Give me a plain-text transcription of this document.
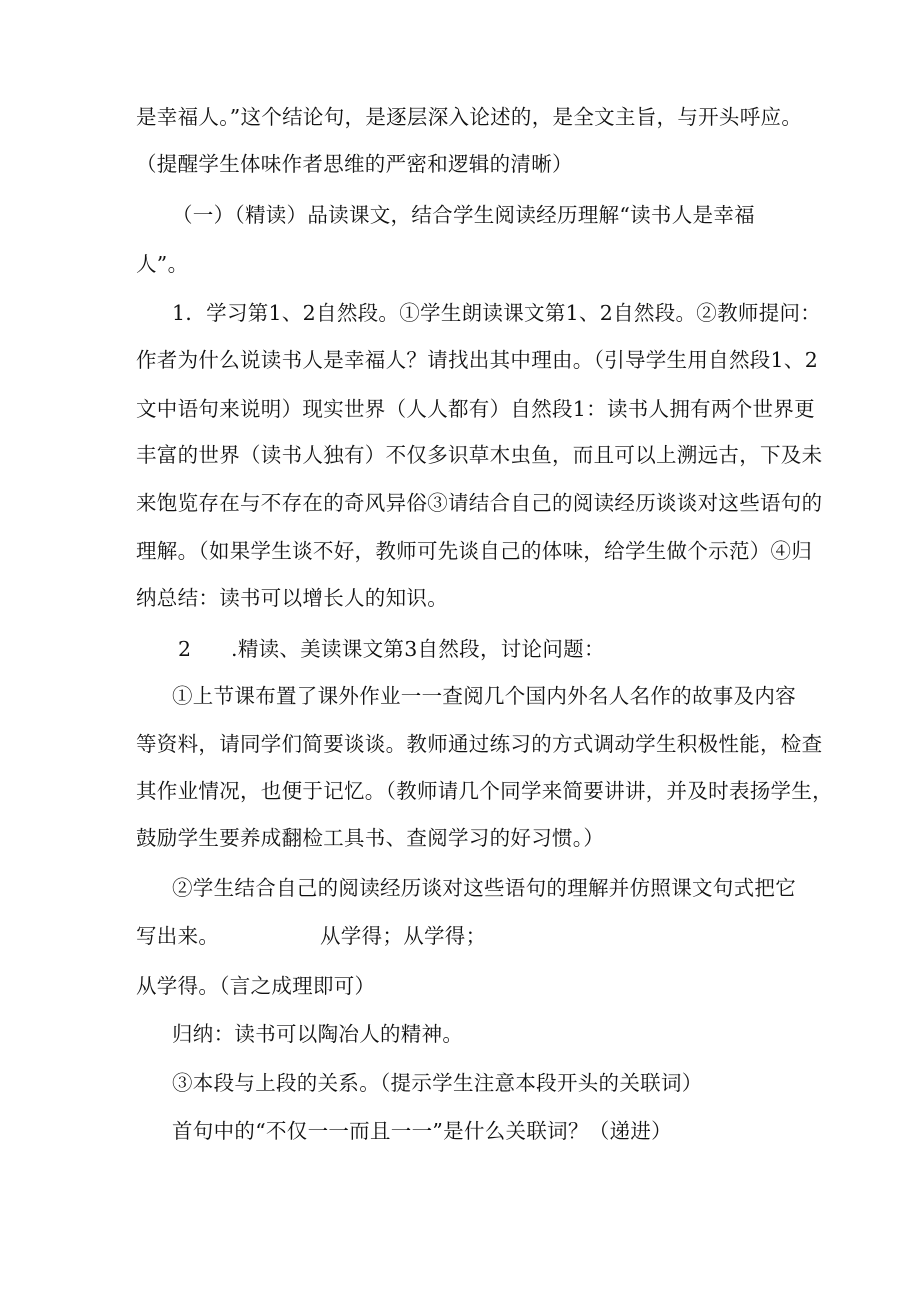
是幸福人。”这个结论句，是逐层深入论述的，是全文主旨，与开头呼应。
（提醒学生体味作者思维的严密和逻辑的清晰）
（一）（精读）品读课文，结合学生阅读经历理解“读书人是幸福
人”。
1．学习第1、2自然段。①学生朗读课文第1、2自然段。②教师提问：
作者为什么说读书人是幸福人？请找出其中理由。（引导学生用自然段1、2
文中语句来说明）现实世界（人人都有）自然段1：读书人拥有两个世界更
丰富的世界（读书人独有）不仅多识草木虫鱼，而且可以上溯远古，下及未
来饱览存在与不存在的奇风异俗③请结合自己的阅读经历谈谈对这些语句的
理解。（如果学生谈不好，教师可先谈自己的体味，给学生做个示范）④归
纳总结：读书可以增长人的知识。
2 .精读、美读课文第3自然段，讨论问题：
①上节课布置了课外作业一一查阅几个国内外名人名作的故事及内容
等资料，请同学们简要谈谈。教师通过练习的方式调动学生积极性能，检查
其作业情况，也便于记忆。（教师请几个同学来简要讲讲，并及时表扬学生，
鼓励学生要养成翻检工具书、查阅学习的好习惯。）
②学生结合自己的阅读经历谈对这些语句的理解并仿照课文句式把它
写出来。	从学得；从学得；
从学得。（言之成理即可）
归纳：读书可以陶冶人的精神。
③本段与上段的关系。（提示学生注意本段开头的关联词）
首句中的“不仅一一而且一一”是什么关联词？（递进）
